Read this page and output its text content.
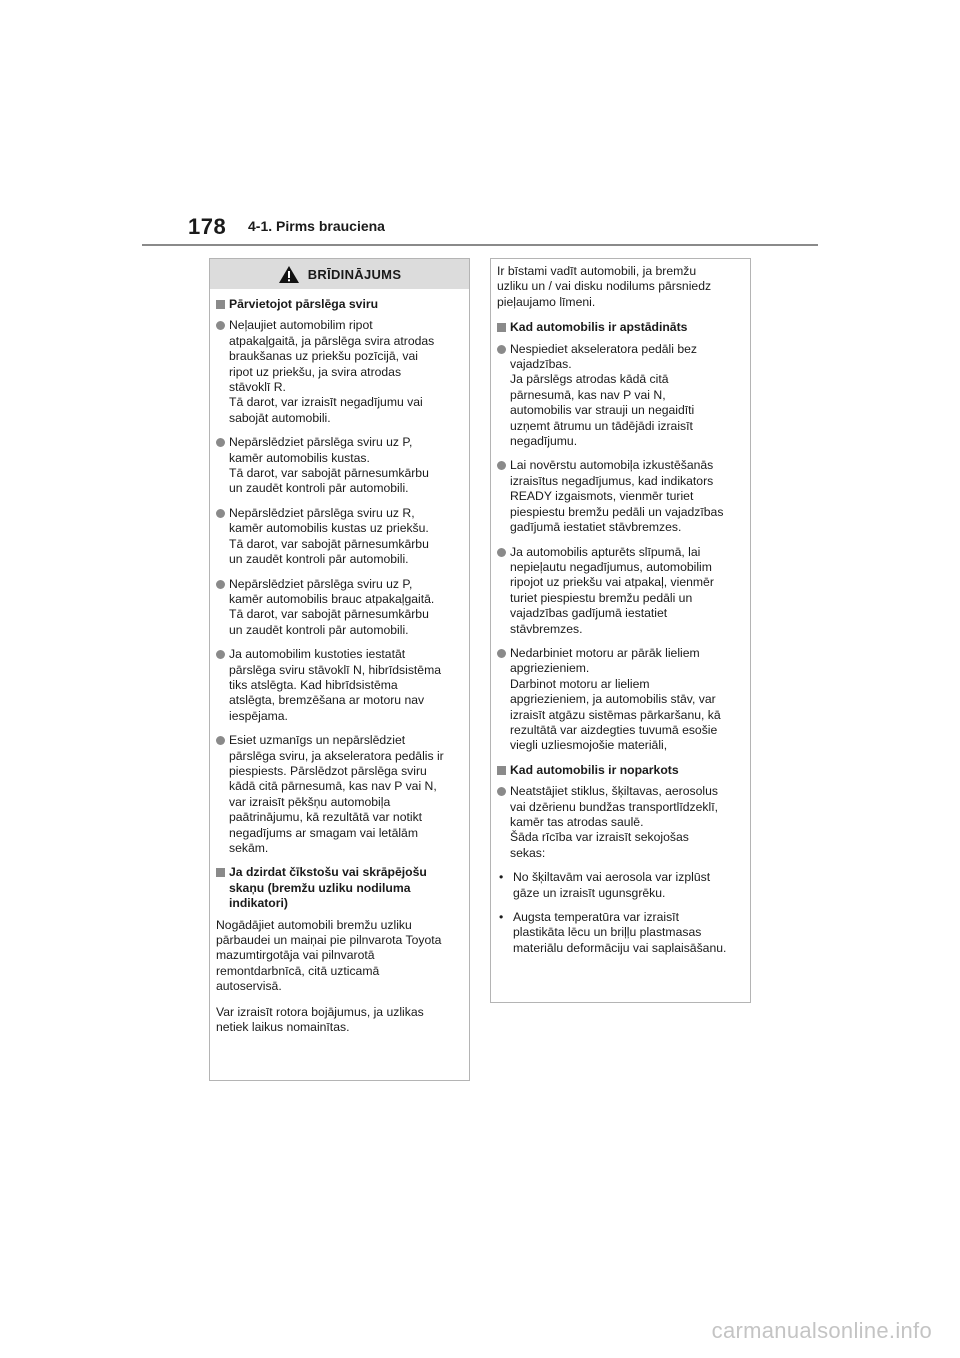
178 4-1. Pirms brauciena
BRĪDINĀJUMS
Pārvietojot pārslēga sviru
Neļaujiet automobilim ripot
atpakaļgaitā, ja pārslēga svira atrodas
braukšanas uz priekšu pozīcijā, vai
ripot uz priekšu, ja svira atrodas
stāvoklī R.
Tā darot, var izraisīt negadījumu vai
sabojāt automobili.
Nepārslēdziet pārslēga sviru uz P,
kamēr automobilis kustas.
Tā darot, var sabojāt pārnesumkārbu
un zaudēt kontroli pār automobili.
Nepārslēdziet pārslēga sviru uz R,
kamēr automobilis kustas uz priekšu.
Tā darot, var sabojāt pārnesumkārbu
un zaudēt kontroli pār automobili.
Nepārslēdziet pārslēga sviru uz P,
kamēr automobilis brauc atpakaļgaitā.
Tā darot, var sabojāt pārnesumkārbu
un zaudēt kontroli pār automobili.
Ja automobilim kustoties iestatāt
pārslēga sviru stāvoklī N, hibrīdsistēma
tiks atslēgta. Kad hibrīdsistēma
atslēgta, bremzēšana ar motoru nav
iespējama.
Esiet uzmanīgs un nepārslēdziet
pārslēga sviru, ja akseleratora pedālis ir
piespiests. Pārslēdzot pārslēga sviru
kādā citā pārnesumā, kas nav P vai N,
var izraisīt pēkšņu automobiļa
paātrinājumu, kā rezultātā var notikt
negadījums ar smagam vai letālām
sekām.
Ja dzirdat čīkstošu vai skrāpējošu
skaņu (bremžu uzliku nodiluma
indikatori)
Nogādājiet automobili bremžu uzliku
pārbaudei un maiņai pie pilnvarota Toyota
mazumtirgotāja vai pilnvarotā
remontdarbnīcā, citā uzticamā
autoservisā.
Var izraisīt rotora bojājumus, ja uzlikas
netiek laikus nomainītas.
Ir bīstami vadīt automobili, ja bremžu
uzliku un / vai disku nodilums pārsniedz
pieļaujamo līmeni.
Kad automobilis ir apstādināts
Nespiediet akseleratora pedāli bez
vajadzības.
Ja pārslēgs atrodas kādā citā
pārnesumā, kas nav P vai N,
automobilis var strauji un negaidīti
uzņemt ātrumu un tādējādi izraisīt
negadījumu.
Lai novērstu automobiļa izkustēšanās
izraisītus negadījumus, kad indikators
READY izgaismots, vienmēr turiet
piespiestu bremžu pedāli un vajadzības
gadījumā iestatiet stāvbremzes.
Ja automobilis apturēts slīpumā, lai
nepieļautu negadījumus, automobilim
ripojot uz priekšu vai atpakaļ, vienmēr
turiet piespiestu bremžu pedāli un
vajadzības gadījumā iestatiet
stāvbremzes.
Nedarbiniet motoru ar pārāk lieliem
apgriezieniem.
Darbinot motoru ar lieliem
apgriezieniem, ja automobilis stāv, var
izraisīt atgāzu sistēmas pārkaršanu, kā
rezultātā var aizdegties tuvumā esošie
viegli uzliesmojošie materiāli,
Kad automobilis ir noparkots
Neatstājiet stiklus, šķiltavas, aerosolus
vai dzērienu bundžas transportlīdzeklī,
kamēr tas atrodas saulē.
Šāda rīcība var izraisīt sekojošas
sekas:
• No šķiltavām vai aerosola var izplūst
gāze un izraisīt ugunsgrēku.
• Augsta temperatūra var izraisīt
plastikāta lēcu un briļļu plastmasas
materiālu deformāciju vai saplaisāšanu.
carmanualsonline.info
